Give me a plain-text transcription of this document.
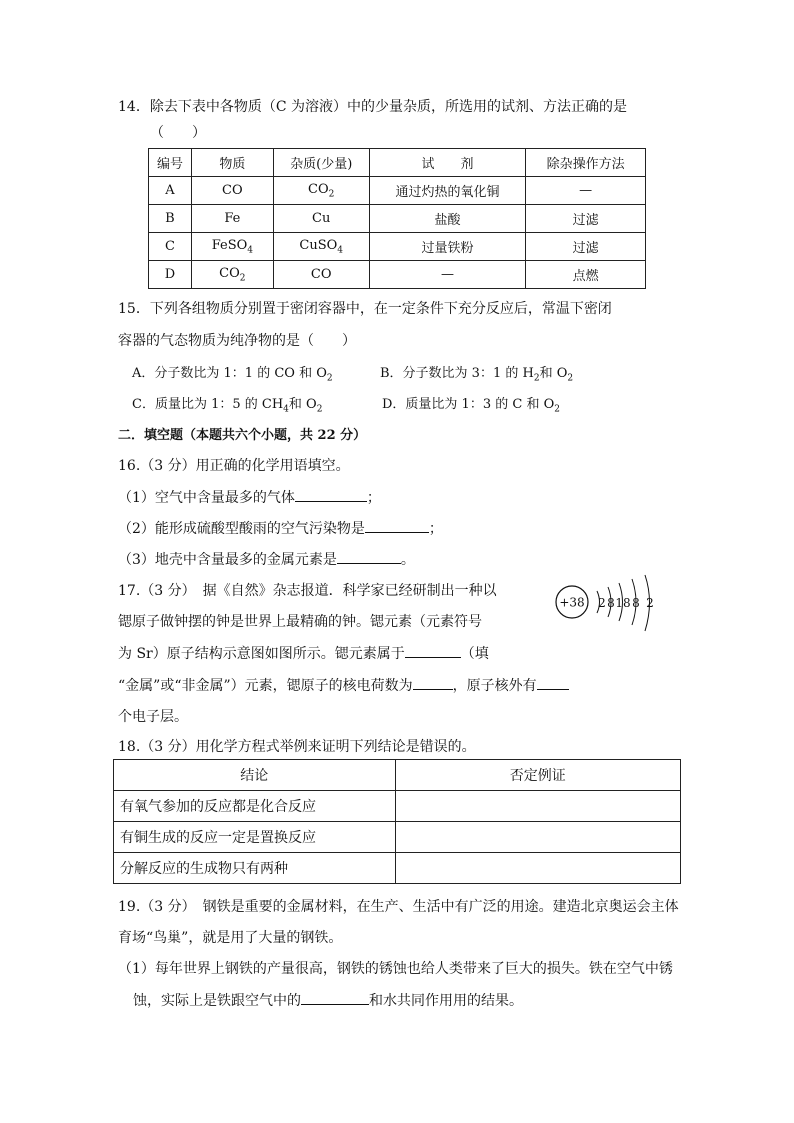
14．除去下表中各物质（C 为溶液）中的少量杂质，所选用的试剂、方法正确的是
（　　）
编号	物质	杂质(少量)	试　　剂	除杂操作方法
A	CO	$CO_2$	通过灼热的氧化铜	—
B	Fe	Cu	盐酸	过滤
C	FeSO$_4$	CuSO$_4$	过量铁粉	过滤
D	$CO_2$	CO	—	点燃
15．下列各组物质分别置于密闭容器中，在一定条件下充分反应后，常温下密闭
容器的气态物质为纯净物的是（　　）
A．分子数比为 1：1 的 CO 和 $O_2$	B．分子数比为 3：1 的 $H_2$和 $O_2$
C．质量比为 1：5 的 $CH_4$和 $O_2$	D．质量比为 1：3 的 C 和 $O_2$
二．填空题（本题共六个小题，共 22 分）
16.（3 分）用正确的化学用语填空。
（1）空气中含量最多的气体	；
（2）能形成硫酸型酸雨的空气污染物是	；
（3）地壳中含量最多的金属元素是	。
17.（3 分）　据《自然》杂志报道．科学家已经研制出一种以
锶原子做钟摆的钟是世界上最精确的钟。锶元素（元素符号
为 Sr）原子结构示意图如图所示。锶元素属于	（填
“金属”或“非金属”）元素，锶原子的核电荷数为	，原子核外有
个电子层。
+38 2 8 18 8 2
18.（3 分）用化学方程式举例来证明下列结论是错误的。
结论	否定例证
有氧气参加的反应都是化合反应	
有铜生成的反应一定是置换反应	
分解反应的生成物只有两种	
19.（3 分）　钢铁是重要的金属材料，在生产、生活中有广泛的用途。建造北京奥运会主体
育场“鸟巢”，就是用了大量的钢铁。
（1）每年世界上钢铁的产量很高，钢铁的锈蚀也给人类带来了巨大的损失。铁在空气中锈
蚀，实际上是铁跟空气中的	和水共同作用用的结果。
